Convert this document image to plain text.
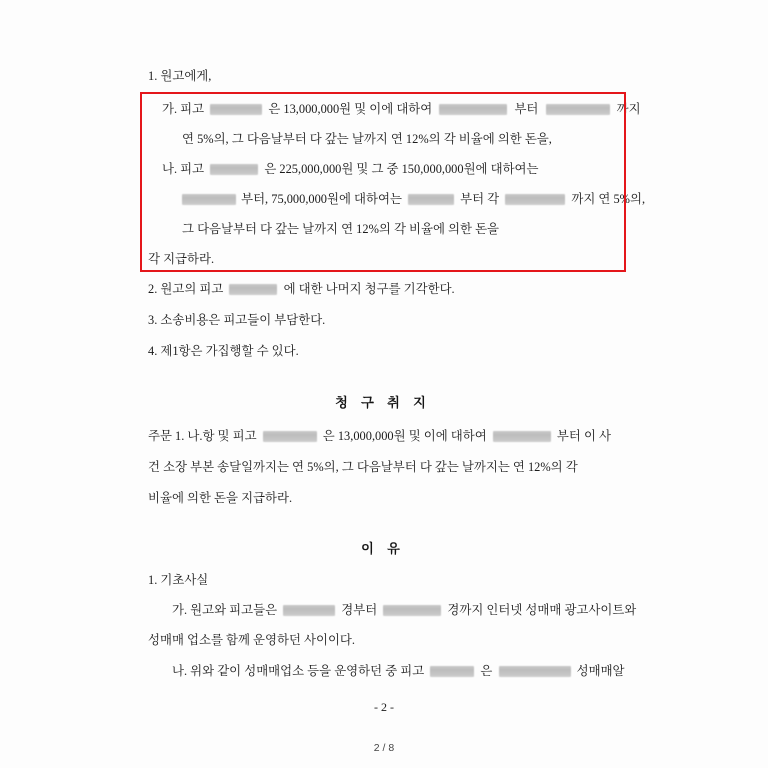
1. 원고에게,
가. 피고	은 13,000,000원 및 이에 대하여	부터	까지
연 5%의, 그 다음날부터 다 갚는 날까지 연 12%의 각 비율에 의한 돈을,
나. 피고	은 225,000,000원 및 그 중 150,000,000원에 대하여는
부터, 75,000,000원에 대하여는	부터 각	까지 연 5%의,
그 다음날부터 다 갚는 날까지 연 12%의 각 비율에 의한 돈을
각 지급하라.
2. 원고의 피고	에 대한 나머지 청구를 기각한다.
3. 소송비용은 피고들이 부담한다.
4. 제1항은 가집행할 수 있다.
청 구 취 지
주문 1. 나.항 및 피고	은 13,000,000원 및 이에 대하여	부터 이 사
건 소장 부본 송달일까지는 연 5%의, 그 다음날부터 다 갚는 날까지는 연 12%의 각
비율에 의한 돈을 지급하라.
이 유
1. 기초사실
가. 원고와 피고들은	경부터	경까지 인터넷 성매매 광고사이트와
성매매 업소를 함께 운영하던 사이이다.
나. 위와 같이 성매매업소 등을 운영하던 중 피고	은	성매매알
- 2 -
2 / 8
